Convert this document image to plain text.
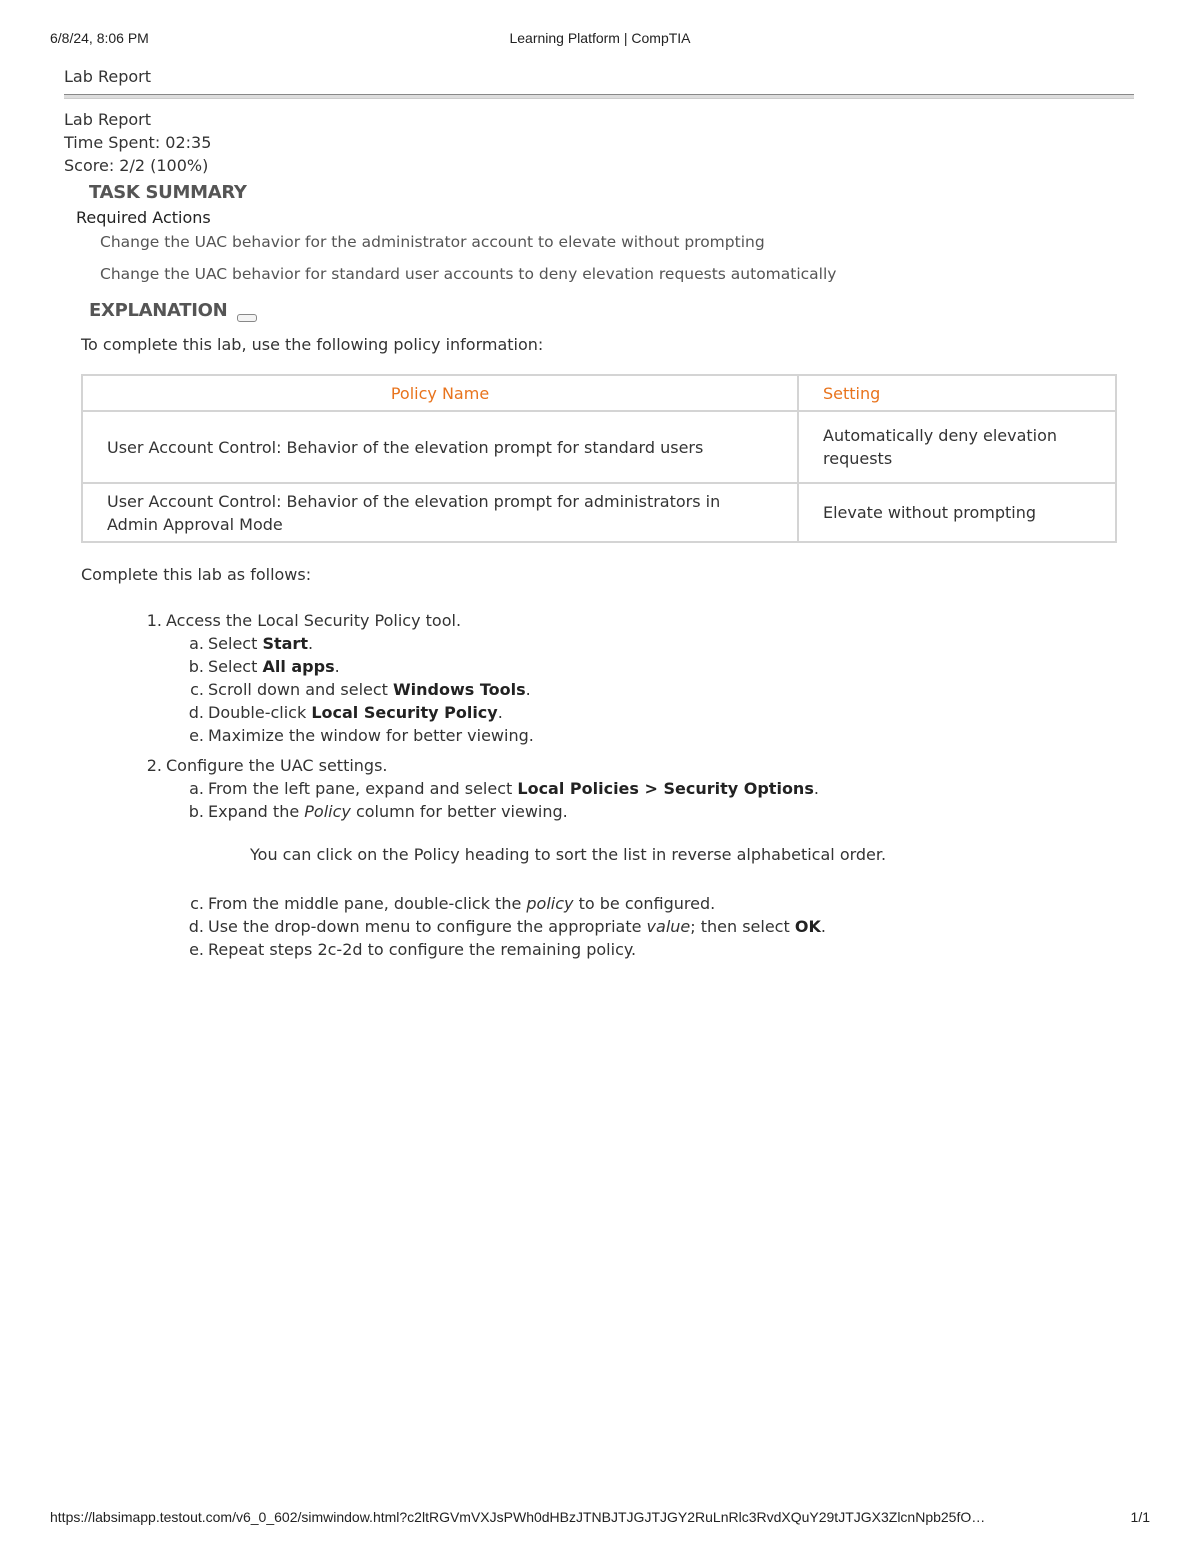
6/8/24, 8:06 PM	Learning Platform | CompTIA
Lab Report
Lab Report
Time Spent: 02:35
Score: 2/2 (100%)
TASK SUMMARY
Required Actions
Change the UAC behavior for the administrator account to elevate without prompting
Change the UAC behavior for standard user accounts to deny elevation requests automatically
EXPLANATION
To complete this lab, use the following policy information:
Policy Name	Setting
User Account Control: Behavior of the elevation prompt for standard users	Automatically deny elevation requests
User Account Control: Behavior of the elevation prompt for administrators in Admin Approval Mode	Elevate without prompting
Complete this lab as follows:
1. Access the Local Security Policy tool.
a. Select Start.
b. Select All apps.
c. Scroll down and select Windows Tools.
d. Double-click Local Security Policy.
e. Maximize the window for better viewing.
2. Configure the UAC settings.
a. From the left pane, expand and select Local Policies > Security Options.
b. Expand the Policy column for better viewing.
You can click on the Policy heading to sort the list in reverse alphabetical order.
c. From the middle pane, double-click the policy to be configured.
d. Use the drop-down menu to configure the appropriate value; then select OK.
e. Repeat steps 2c-2d to configure the remaining policy.
https://labsimapp.testout.com/v6_0_602/simwindow.html?c2ltRGVmVXJsPWh0dHBzJTNBJTJGJTJGY2RuLnRlc3RvdXQuY29tJTJGX3ZlcnNpb25fO…	1/1
